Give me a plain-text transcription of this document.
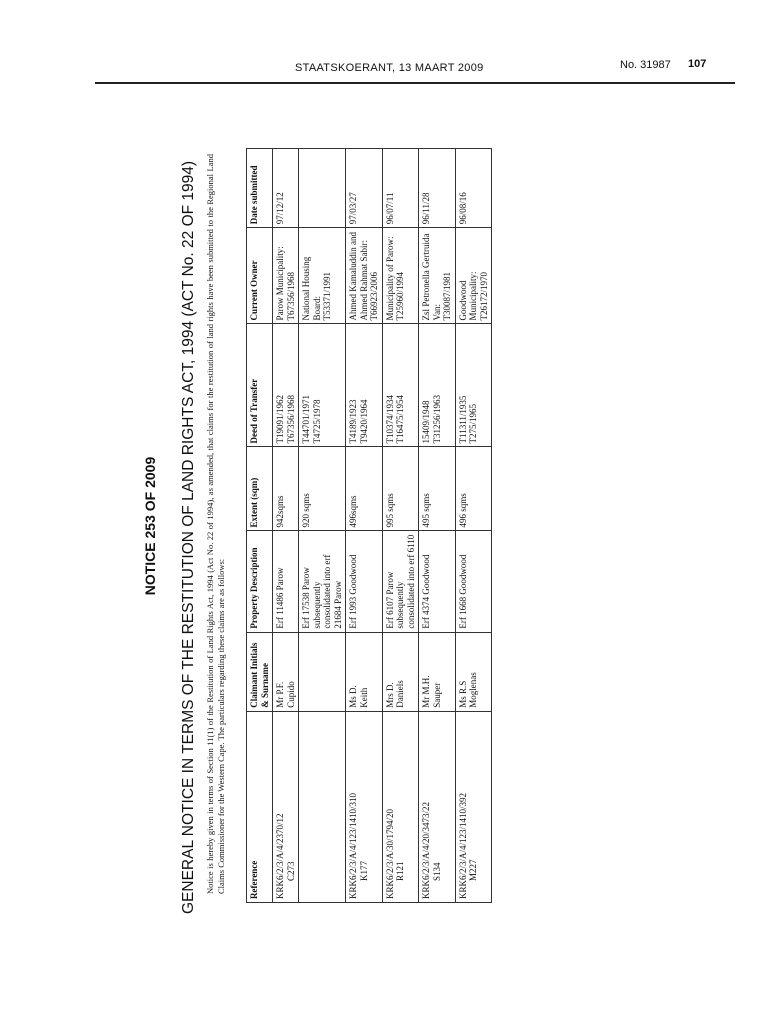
STAATSKOERANT, 13 MAART 2009	No. 31987 107
NOTICE 253 OF 2009 GENERAL NOTICE IN TERMS OF THE RESTITUTION OF LAND RIGHTS ACT, 1994 (ACT No. 22 OF 1994) Notice is hereby given in terms of Section 11(1) of the Restitution of Land Rights Act, 1994 (Act No. 22 of 1994), as amended, that claims for the restitution of land rights have been submitted to the Regional Land Claims Commissioner for the Western Cape. The particulars regarding these claims are as follows:	Reference	Claimant Initials & Surname	Property Description	Extent (sqm)	Deed of Transfer	Current Owner	Date submitted

KRK6/2/3/A/4/2370/12 C273	Mr P.F. Cupido	Erf 11486 Parow	942sqms	T19091/1962 T67356/1968	Parow Municipality: T67356/1968	97/12/12

		Erf 17538 Parow subsequently consolidated into erf 21684 Parow	920 sqms	T44701/1971 T4725/1978	National Housing Board: T53371/1991	

KRK6/2/3/A/4/123/1410/310 K177	Ms D. Keith	Erf 1993 Goodwood	496sqms	T4189/1923 T9420/1964	Ahmed Kamaluddin and Ahmed Rahmat Sabir: T66923/2006	97/03/27

KRK6/2/3/A/30/1794/20 R121	Mrs D. Daniels	Erf 6107 Parow subsequently consolidated into erf 6110	995 sqms	T10374/1934 T16475/1954	Municipality of Parow: T25960/1994	96/07/11

KRK6/2/3/A/4/20/3473/22 S134	Mr M.H. Sauper	Erf 4374 Goodwood	495 sqms	15409/1948 T31256/1963	Zsl Petronella Gertruida Van: T30087/1981	96/11/28

KRK6/2/3/A/4/123/1410/392 M227	Ms R.S Moglenas	Erf 1668 Goodwood	496 sqms	T11311/1935 T275/1965	Goodwood Municipality: T26172/1970	96/08/16
